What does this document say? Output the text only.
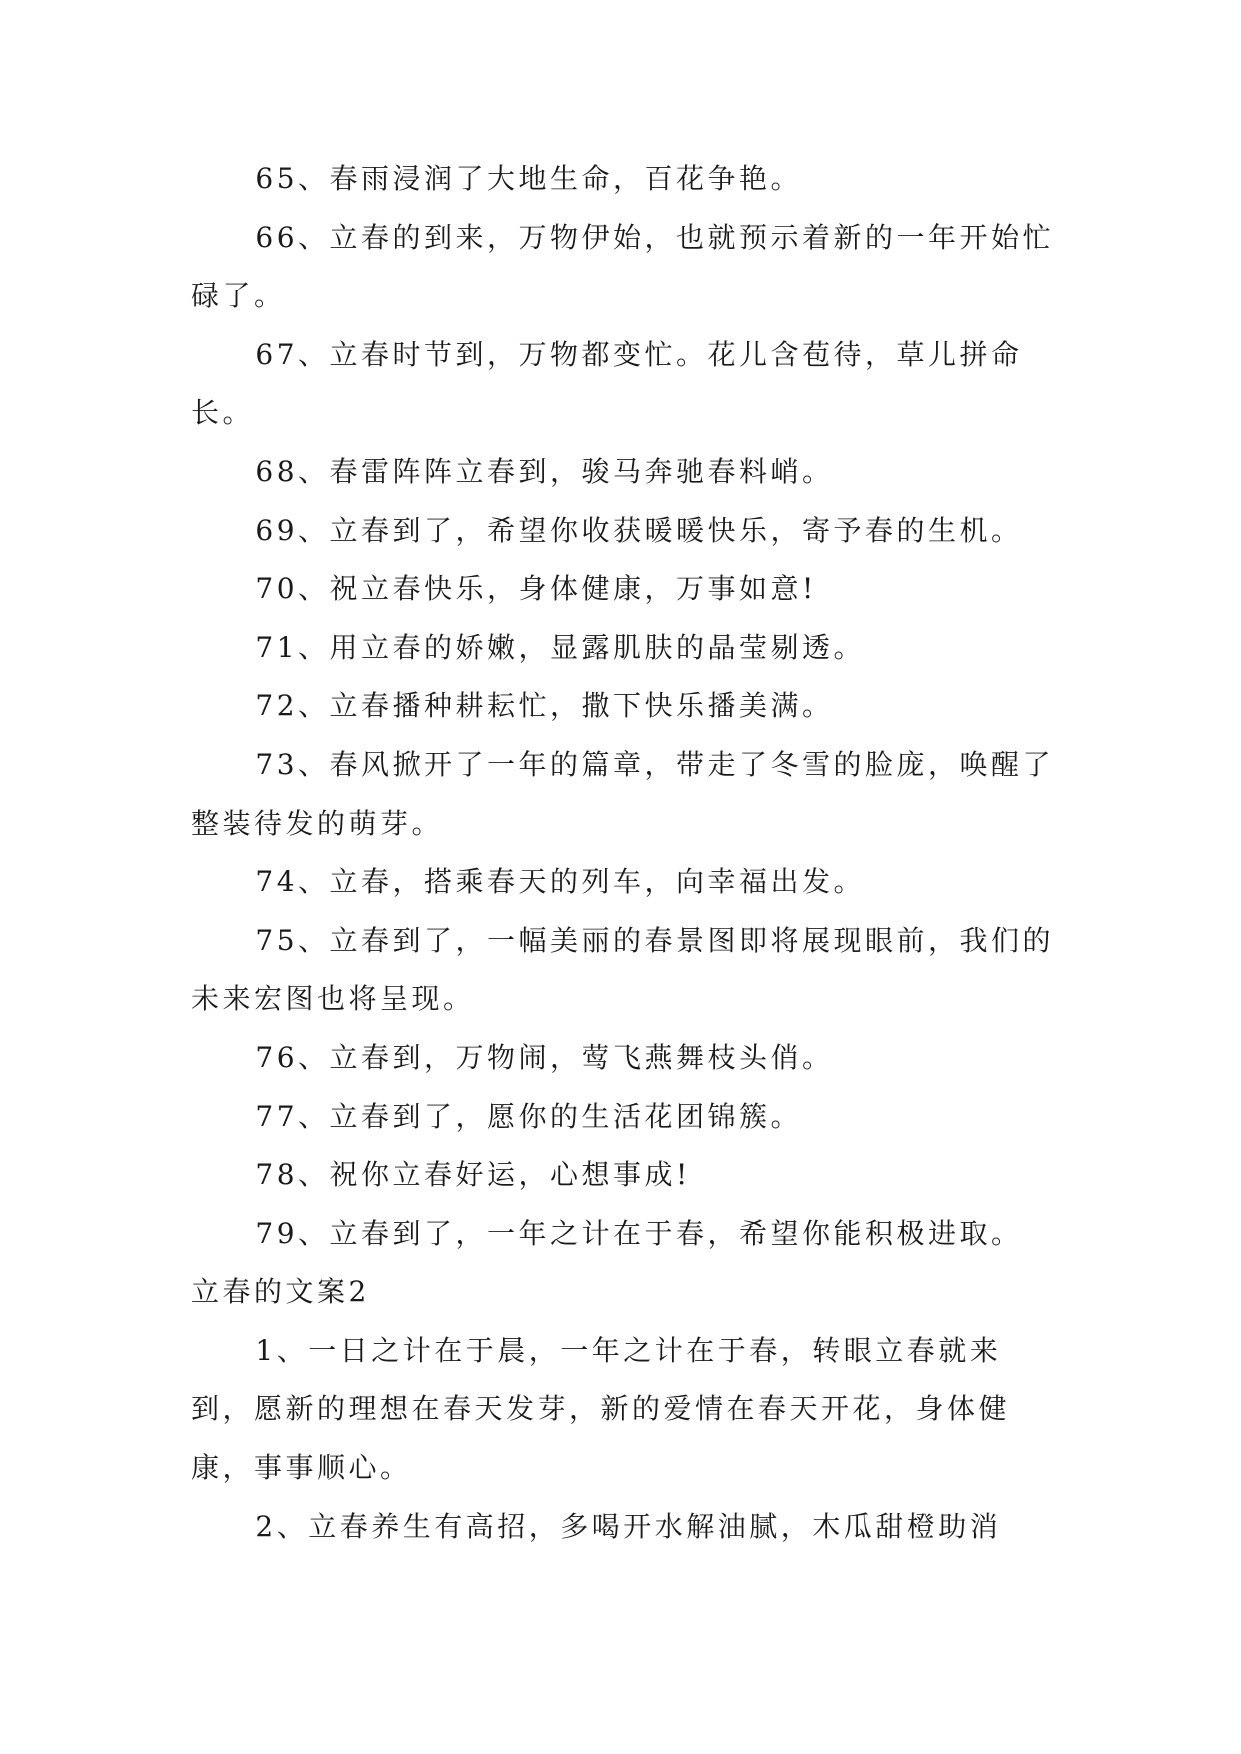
65、春雨浸润了大地生命，百花争艳。

66、立春的到来，万物伊始，也就预示着新的一年开始忙碌了。

67、立春时节到，万物都变忙。花儿含苞待，草儿拼命长。

68、春雷阵阵立春到，骏马奔驰春料峭。

69、立春到了，希望你收获暖暖快乐，寄予春的生机。

70、祝立春快乐，身体健康，万事如意!

71、用立春的娇嫩，显露肌肤的晶莹剔透。

72、立春播种耕耘忙，撒下快乐播美满。

73、春风掀开了一年的篇章，带走了冬雪的脸庞，唤醒了整装待发的萌芽。

74、立春，搭乘春天的列车，向幸福出发。

75、立春到了，一幅美丽的春景图即将展现眼前，我们的未来宏图也将呈现。

76、立春到，万物闹，莺飞燕舞枝头俏。

77、立春到了，愿你的生活花团锦簇。

78、祝你立春好运，心想事成!

79、立春到了，一年之计在于春，希望你能积极进取。

立春的文案2

1、一日之计在于晨，一年之计在于春，转眼立春就来到，愿新的理想在春天发芽，新的爱情在春天开花，身体健康，事事顺心。

2、立春养生有高招，多喝开水解油腻，木瓜甜橙助消
